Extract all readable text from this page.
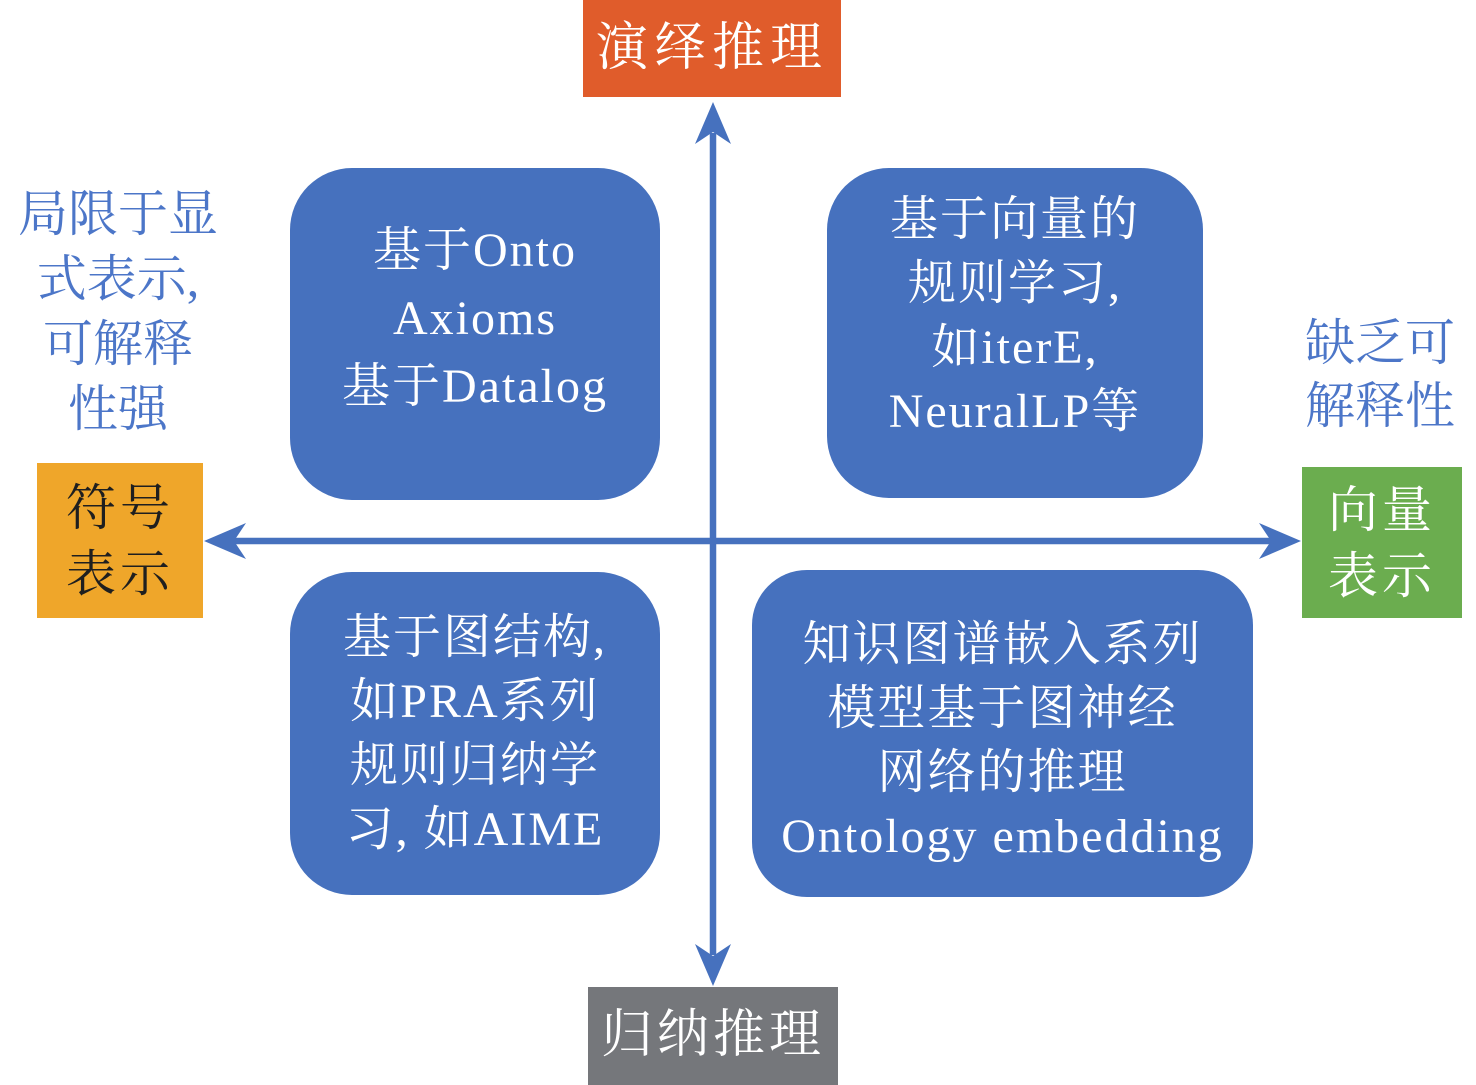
演绎推理
归纳推理
符号
表示
向量
表示
基于Onto
Axioms
基于Datalog
基于向量的
规则学习,
如iterE,
NeuralLP等
基于图结构,
如PRA系列
规则归纳学
习, 如AIME
知识图谱嵌入系列
模型基于图神经
网络的推理
Ontology embedding
局限于显
式表示,
可解释
性强
缺乏可
解释性
